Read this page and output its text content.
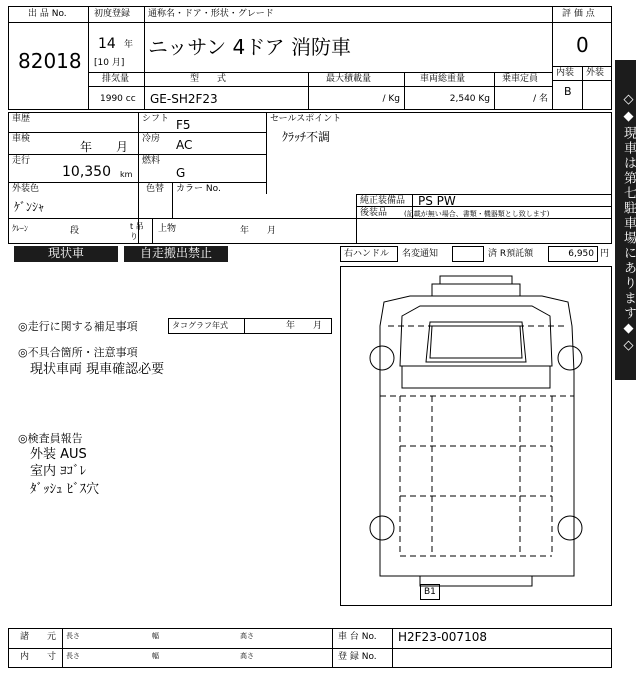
出 品 No.
82018
初度登録
14 年
[10 月]
通称名・ドア・形状・グレード
ニッサン 4ドア 消防車
評 価 点
0
内装 外装
B
排気量	型　　式	最大積載量	車両総重量	乗車定員
1990 cc GE-SH2F23	/ Kg	2,540 Kg	/ 名
車歴
車検
年　　月
走行
10,350 km
シフト F5
冷房 AC
燃料
G
セールスポイント
ｸﾗｯﾁ不調
外装色
ｹﾞﾝｼｬ
色替 カラー No.
純正装備品 PS PW
後装品 (記載が無い場合、書類・機器類とし致します)
ｸﾚｰﾝ	段	t 吊り
上物	年　　月
現状車	自走搬出禁止	右ハンドル 名変通知	済 R預託額	6,950 円
◎走行に関する補足事項	タコグラフ年式	年　　月
◎不具合箇所・注意事項
現状車両 現車確認必要
◎検査員報告
外装 AUS
室内 ﾖｺﾞﾚ
ﾀﾞｯｼｭ ﾋﾞｽ穴
B1
◇◆現車は第七駐車場にあります◆◇
諸　　元
内　　寸
長さ	幅	高さ
長さ	幅	高さ
車 台 No. H2F23-007108
登 録 No.
